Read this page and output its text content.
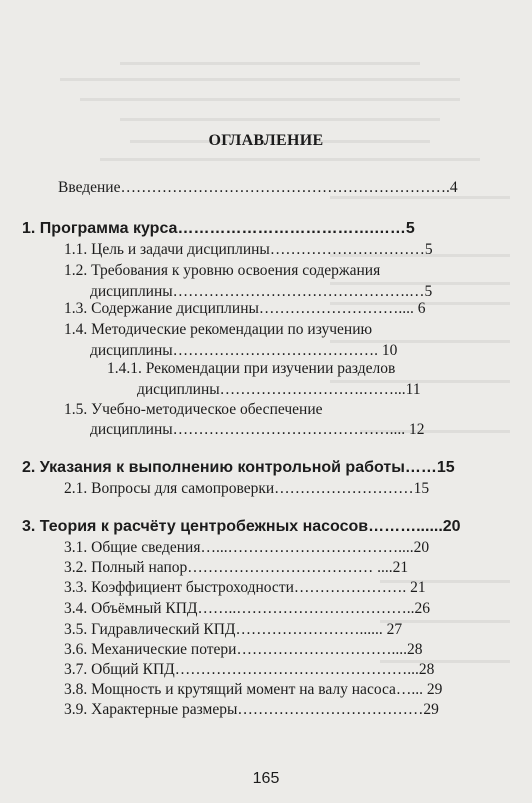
ОГЛАВЛЕНИЕ
Введение……………………………………………………….4
1. Программа курса……………………………….……5
1.1. Цель и задачи дисциплины…………………………5
1.2. Требования к уровню освоения содержания
дисциплины……………………………………….…5
1.3. Содержание дисциплины……………………….... 6
1.4. Методические рекомендации по изучению
дисциплины…………………………………. 10
1.4.1. Рекомендации при изучении разделов
дисциплины……………………….……...11
1.5. Учебно-методическое обеспечение
дисциплины…………………………………….... 12
2. Указания к выполнению контрольной работы……15
2.1. Вопросы для самопроверки………………………15
3. Теория к расчёту центробежных насосов………......20
3.1. Общие сведения…...……………………………....20
3.2. Полный напор……………………………… ....21
3.3. Коэффициент быстроходности…………………. 21
3.4. Объёмный КПД……..……………………………..26
3.5. Гидравлический КПД……………………...... 27
3.6. Механические потери…………………………....28
3.7. Общий КПД………………………………………...28
3.8. Мощность и крутящий момент на валу насоса…... 29
3.9. Характерные размеры………………………………29
165
